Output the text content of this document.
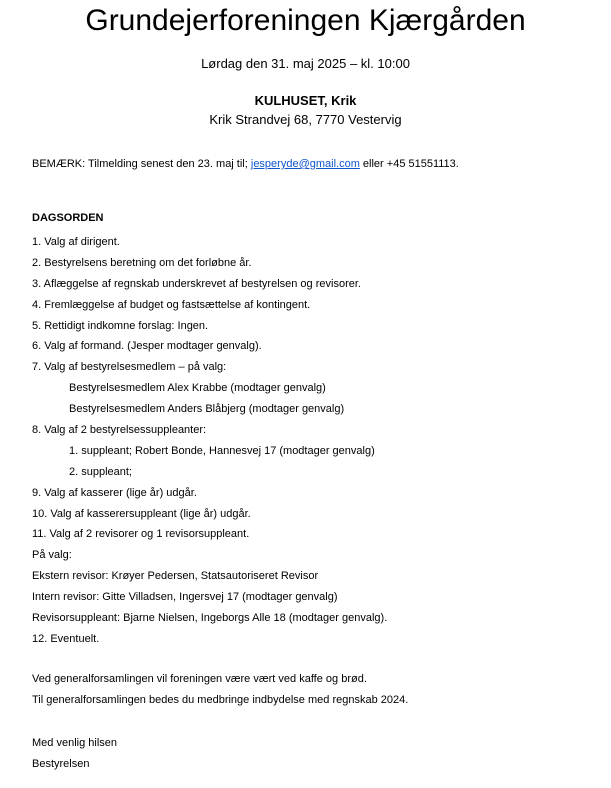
Grundejerforeningen Kjærgården
Lørdag den 31. maj 2025 – kl. 10:00
KULHUSET, Krik
Krik Strandvej 68, 7770 Vestervig
BEMÆRK: Tilmelding senest den 23. maj til; jesperyde@gmail.com eller +45 51551113.
DAGSORDEN
1. Valg af dirigent.
2. Bestyrelsens beretning om det forløbne år.
3. Aflæggelse af regnskab underskrevet af bestyrelsen og revisorer.
4. Fremlæggelse af budget og fastsættelse af kontingent.
5. Rettidigt indkomne forslag: Ingen.
6. Valg af formand. (Jesper modtager genvalg).
7. Valg af bestyrelsesmedlem – på valg:
Bestyrelsesmedlem Alex Krabbe (modtager genvalg)
Bestyrelsesmedlem Anders Blåbjerg (modtager genvalg)
8. Valg af 2 bestyrelsessuppleanter:
1. suppleant; Robert Bonde, Hannesvej 17 (modtager genvalg)
2. suppleant;
9. Valg af kasserer (lige år) udgår.
10. Valg af kasserersuppleant (lige år) udgår.
11. Valg af 2 revisorer og 1 revisorsuppleant.
På valg:
Ekstern revisor: Krøyer Pedersen, Statsautoriseret Revisor
Intern revisor: Gitte Villadsen, Ingersvej 17 (modtager genvalg)
Revisorsuppleant: Bjarne Nielsen, Ingeborgs Alle 18 (modtager genvalg).
12. Eventuelt.
Ved generalforsamlingen vil foreningen være vært ved kaffe og brød.
Til generalforsamlingen bedes du medbringe indbydelse med regnskab 2024.
Med venlig hilsen
Bestyrelsen
